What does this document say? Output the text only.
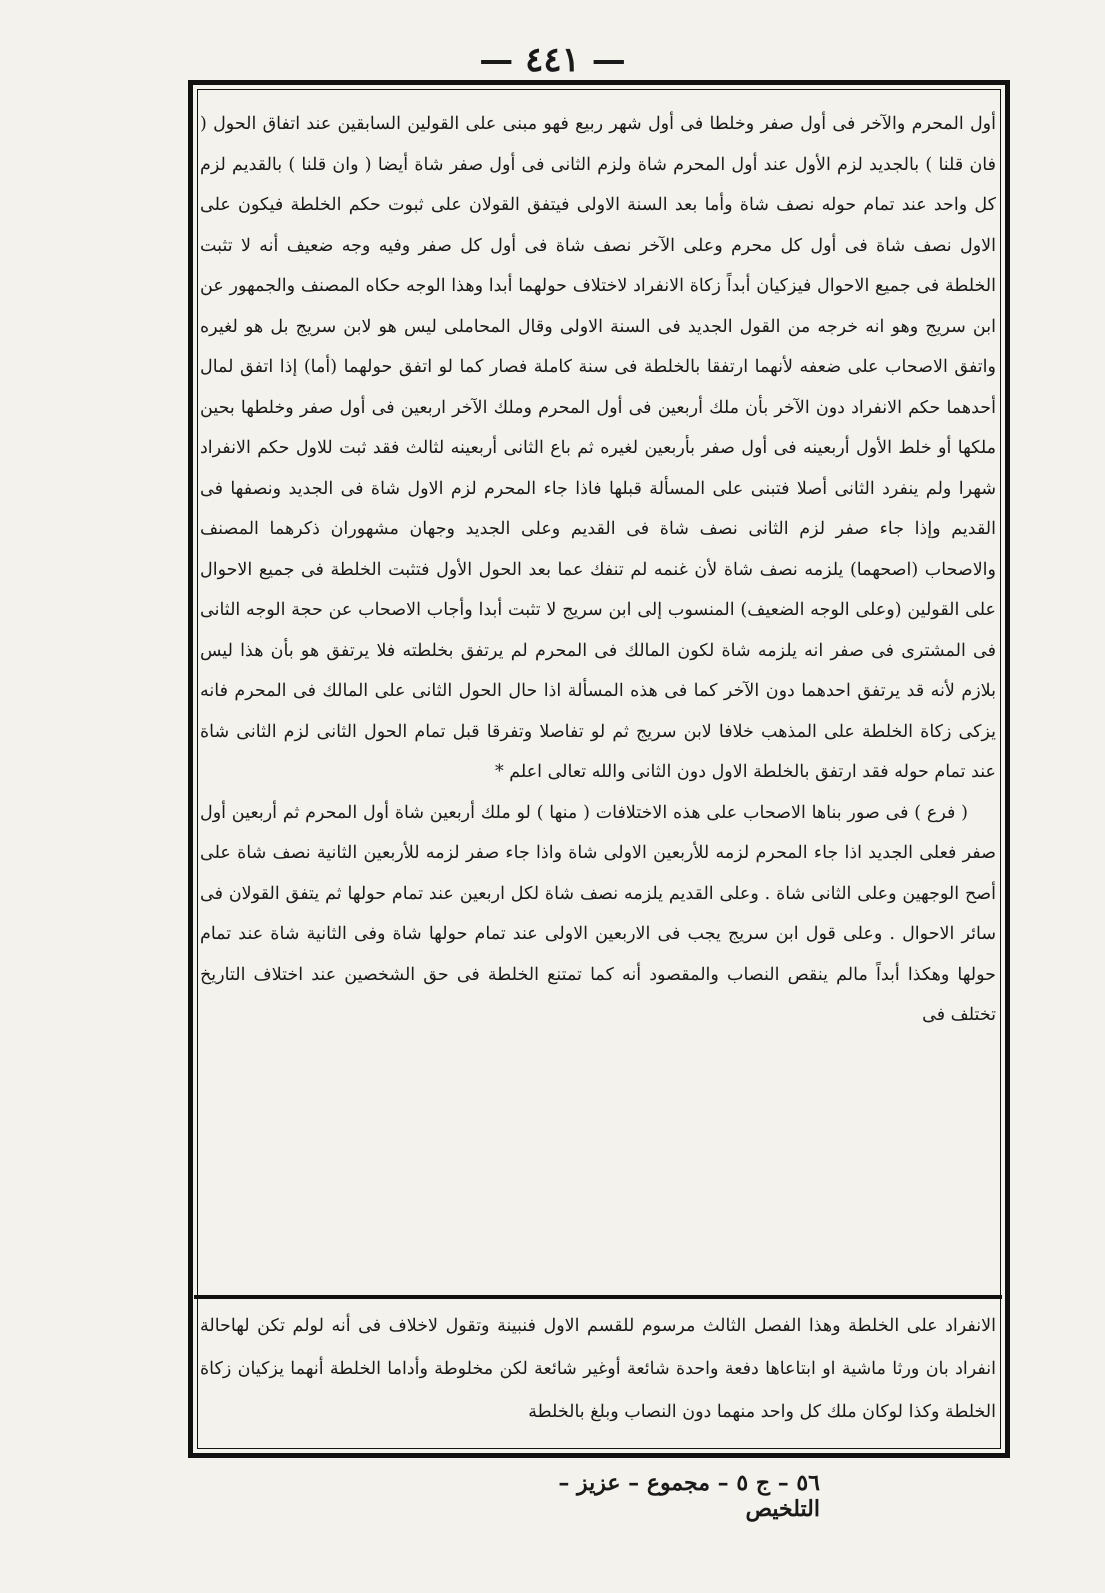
— ٤٤١ —

أول المحرم والآخر فى أول صفر وخلطا فى أول شهر ربيع فهو مبنى على القولين السابقين عند اتفاق الحول ( فان قلنا ) بالجديد لزم الأول عند أول المحرم شاة ولزم الثانى فى أول صفر شاة أيضا ( وان قلنا ) بالقديم لزم كل واحد عند تمام حوله نصف شاة وأما بعد السنة الاولى فيتفق القولان على ثبوت حكم الخلطة فيكون على الاول نصف شاة فى أول كل محرم وعلى الآخر نصف شاة فى أول كل صفر وفيه وجه ضعيف أنه لا تثبت الخلطة فى جميع الاحوال فيزكيان أبداً زكاة الانفراد لاختلاف حولهما أبدا وهذا الوجه حكاه المصنف والجمهور عن ابن سريج وهو انه خرجه من القول الجديد فى السنة الاولى وقال المحاملى ليس هو لابن سريج بل هو لغيره واتفق الاصحاب على ضعفه لأنهما ارتفقا بالخلطة فى سنة كاملة فصار كما لو اتفق حولهما (أما) إذا اتفق لمال أحدهما حكم الانفراد دون الآخر بأن ملك أربعين فى أول المحرم وملك الآخر اربعين فى أول صفر وخلطها بحين ملكها أو خلط الأول أربعينه فى أول صفر بأربعين لغيره ثم باع الثانى أربعينه لثالث فقد ثبت للاول حكم الانفراد شهرا ولم ينفرد الثانى أصلا فتبنى على المسألة قبلها فاذا جاء المحرم لزم الاول شاة فى الجديد ونصفها فى القديم وإذا جاء صفر لزم الثانى نصف شاة فى القديم وعلى الجديد وجهان مشهوران ذكرهما المصنف والاصحاب (اصحهما) يلزمه نصف شاة لأن غنمه لم تنفك عما بعد الحول الأول فتثبت الخلطة فى جميع الاحوال على القولين (وعلى الوجه الضعيف) المنسوب إلى ابن سريج لا تثبت أبدا وأجاب الاصحاب عن حجة الوجه الثانى فى المشترى فى صفر انه يلزمه شاة لكون المالك فى المحرم لم يرتفق بخلطته فلا يرتفق هو بأن هذا ليس بلازم لأنه قد يرتفق احدهما دون الآخر كما فى هذه المسألة اذا حال الحول الثانى على المالك فى المحرم فانه يزكى زكاة الخلطة على المذهب خلافا لابن سريج ثم لو تفاصلا وتفرقا قبل تمام الحول الثانى لزم الثانى شاة عند تمام حوله فقد ارتفق بالخلطة الاول دون الثانى والله تعالى اعلم *

( فرع ) فى صور بناها الاصحاب على هذه الاختلافات ( منها ) لو ملك أربعين شاة أول المحرم ثم أربعين أول صفر فعلى الجديد اذا جاء المحرم لزمه للأربعين الاولى شاة واذا جاء صفر لزمه للأربعين الثانية نصف شاة على أصح الوجهين وعلى الثانى شاة . وعلى القديم يلزمه نصف شاة لكل اربعين عند تمام حولها ثم يتفق القولان فى سائر الاحوال . وعلى قول ابن سريج يجب فى الاربعين الاولى عند تمام حولها شاة وفى الثانية شاة عند تمام حولها وهكذا أبداً مالم ينقص النصاب والمقصود أنه كما تمتنع الخلطة فى حق الشخصين عند اختلاف التاريخ تختلف فى

الانفراد على الخلطة وهذا الفصل الثالث مرسوم للقسم الاول فنبينة وتقول لاخلاف فى أنه لولم تكن لهاحالة انفراد بان ورثا ماشية او ابتاعاها دفعة واحدة شائعة أوغير شائعة لكن مخلوطة وأداما الخلطة أنهما يزكيان زكاة الخلطة وكذا لوكان ملك كل واحد منهما دون النصاب وبلغ بالخلطة
٥٦ – ج ٥ – مجموع – عزيز – التلخيص
